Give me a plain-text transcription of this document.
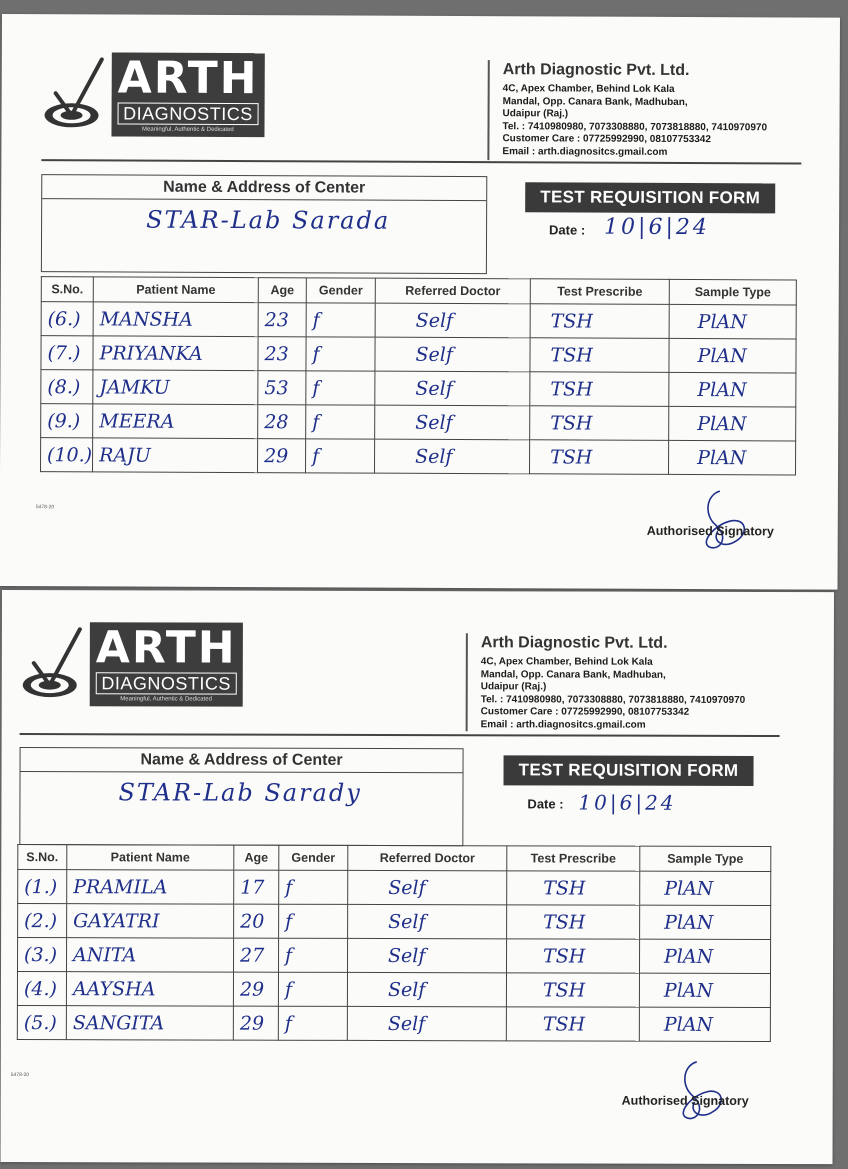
ARTH
DIAGNOSTICS
Meaningful, Authentic & Dedicated
Arth Diagnostic Pvt. Ltd.
4C, Apex Chamber, Behind Lok Kala
Mandal, Opp. Canara Bank, Madhuban,
Udaipur (Raj.)
Tel. : 7410980980, 7073308880, 7073818880, 7410970970
Customer Care : 07725992990, 08107753342
Email : arth.diagnositcs.gmail.com
Name & Address of Center
STAR-Lab Sarada
TEST REQUISITION FORM
Date : 10|6|24
S.No.	Patient Name	Age	Gender	Referred Doctor	Test Prescribe	Sample Type
(6.)	MANSHA	23	f	Self	TSH	PlAN
(7.)	PRIYANKA	23	f	Self	TSH	PlAN
(8.)	JAMKU	53	f	Self	TSH	PlAN
(9.)	MEERA	28	f	Self	TSH	PlAN
(10.)	RAJU	29	f	Self	TSH	PlAN
5478-20
Authorised Signatory
ARTH
DIAGNOSTICS
Meaningful, Authentic & Dedicated
Arth Diagnostic Pvt. Ltd.
4C, Apex Chamber, Behind Lok Kala
Mandal, Opp. Canara Bank, Madhuban,
Udaipur (Raj.)
Tel. : 7410980980, 7073308880, 7073818880, 7410970970
Customer Care : 07725992990, 08107753342
Email : arth.diagnositcs.gmail.com
Name & Address of Center
STAR-Lab Sarady
TEST REQUISITION FORM
Date : 10|6|24
S.No.	Patient Name	Age	Gender	Referred Doctor	Test Prescribe	Sample Type
(1.)	PRAMILA	17	f	Self	TSH	PlAN
(2.)	GAYATRI	20	f	Self	TSH	PlAN
(3.)	ANITA	27	f	Self	TSH	PlAN
(4.)	AAYSHA	29	f	Self	TSH	PlAN
(5.)	SANGITA	29	f	Self	TSH	PlAN
5478-20
Authorised Signatory
